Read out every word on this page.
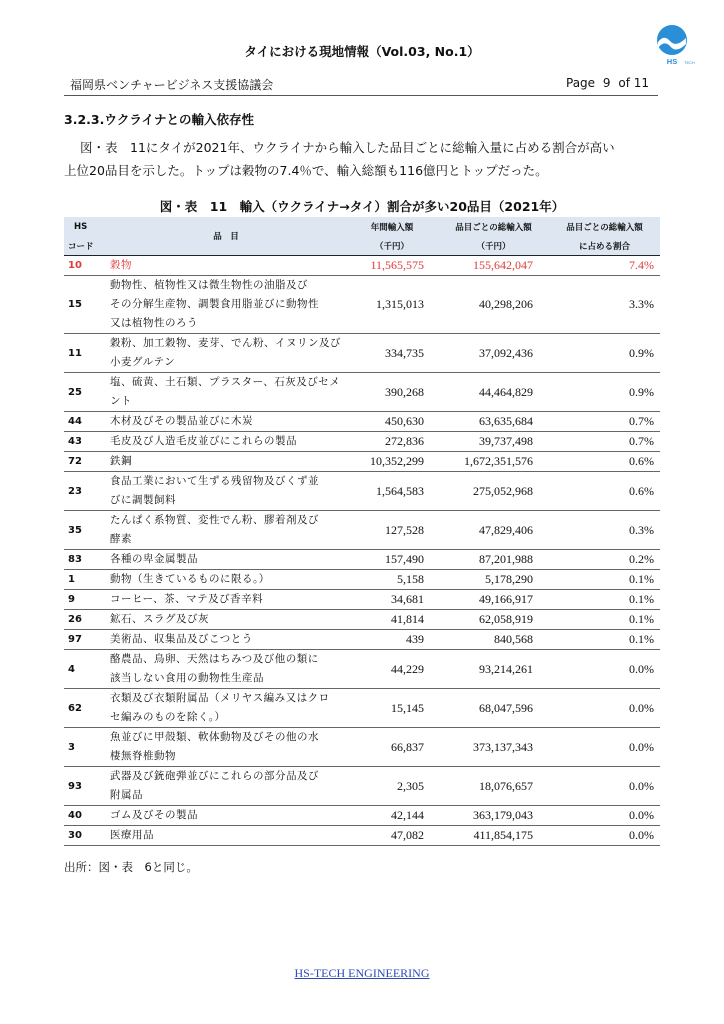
タイにおける現地情報（Vol.03, No.1）
HS TECH
福岡県ベンチャービジネス支援協議会	Page 9 of 11
3.2.3.ウクライナとの輸入依存性
図・表　11にタイが2021年、ウクライナから輸入した品目ごとに総輸入量に占める割合が高い
上位20品目を示した。トップは穀物の7.4％で、輸入総額も116億円とトップだった。
図・表　11　輸入（ウクライナ→タイ）割合が多い20品目（2021年）
HS	品　目	年間輸入額	品目ごとの総輸入額	品目ごとの総輸入額
コード		（千円）	（千円）	に占める割合
10	穀物	11,565,575	155,642,047	7.4%
15	動物性、植物性又は微生物性の油脂及び
その分解生産物、調製食用脂並びに動物性
又は植物性のろう	1,315,013	40,298,206	3.3%
11	穀粉、加工穀物、麦芽、でん粉、イヌリン及び
小麦グルテン	334,735	37,092,436	0.9%
25	塩、硫黄、土石類、プラスター、石灰及びセメ
ント	390,268	44,464,829	0.9%
44	木材及びその製品並びに木炭	450,630	63,635,684	0.7%
43	毛皮及び人造毛皮並びにこれらの製品	272,836	39,737,498	0.7%
72	鉄鋼	10,352,299	1,672,351,576	0.6%
23	食品工業において生ずる残留物及びくず並
びに調製飼料	1,564,583	275,052,968	0.6%
35	たんぱく系物質、変性でん粉、膠着剤及び
酵素	127,528	47,829,406	0.3%
83	各種の卑金属製品	157,490	87,201,988	0.2%
1	動物（生きているものに限る。）	5,158	5,178,290	0.1%
9	コーヒー、茶、マテ及び香辛料	34,681	49,166,917	0.1%
26	鉱石、スラグ及び灰	41,814	62,058,919	0.1%
97	美術品、収集品及びこつとう	439	840,568	0.1%
4	酪農品、鳥卵、天然はちみつ及び他の類に
該当しない食用の動物性生産品	44,229	93,214,261	0.0%
62	衣類及び衣類附属品（メリヤス編み又はクロ
セ編みのものを除く。）	15,145	68,047,596	0.0%
3	魚並びに甲殻類、軟体動物及びその他の水
棲無脊椎動物	66,837	373,137,343	0.0%
93	武器及び銃砲弾並びにこれらの部分品及び
附属品	2,305	18,076,657	0.0%
40	ゴム及びその製品	42,144	363,179,043	0.0%
30	医療用品	47,082	411,854,175	0.0%
出所：図・表　6と同じ。
HS-TECH ENGINEERING
